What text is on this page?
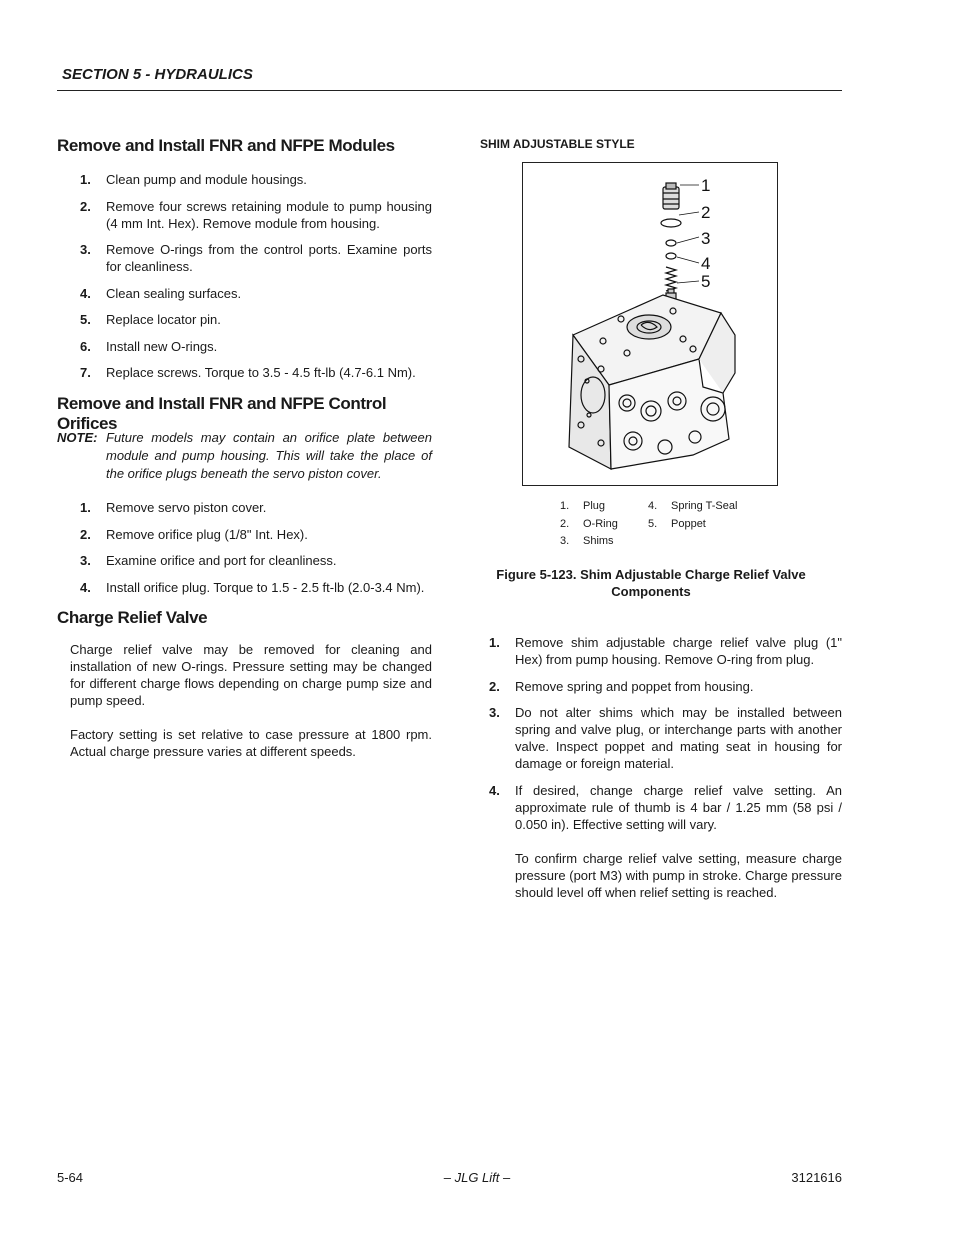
SECTION 5 - HYDRAULICS
Remove and Install FNR and NFPE Modules
1. Clean pump and module housings.
2. Remove four screws retaining module to pump housing (4 mm Int. Hex). Remove module from housing.
3. Remove O-rings from the control ports. Examine ports for cleanliness.
4. Clean sealing surfaces.
5. Replace locator pin.
6. Install new O-rings.
7. Replace screws. Torque to 3.5 - 4.5 ft-lb (4.7-6.1 Nm).
Remove and Install FNR and NFPE Control Orifices
NOTE: Future models may contain an orifice plate between module and pump housing. This will take the place of the orifice plugs beneath the servo piston cover.
1. Remove servo piston cover.
2. Remove orifice plug (1/8" Int. Hex).
3. Examine orifice and port for cleanliness.
4. Install orifice plug. Torque to 1.5 - 2.5 ft-lb (2.0-3.4 Nm).
Charge Relief Valve

Charge relief valve may be removed for cleaning and installation of new O-rings. Pressure setting may be changed for different charge flows depending on charge pump size and pump speed.

Factory setting is set relative to case pressure at 1800 rpm. Actual charge pressure varies at different speeds.

SHIM ADJUSTABLE STYLE
1
2
3
4
5
1. Plug
2. O-Ring
3. Shims
4. Spring T-Seal
5. Poppet
Figure 5-123. Shim Adjustable Charge Relief Valve
Components
1. Remove shim adjustable charge relief valve plug (1" Hex) from pump housing. Remove O-ring from plug.
2. Remove spring and poppet from housing.
3. Do not alter shims which may be installed between spring and valve plug, or interchange parts with another valve. Inspect poppet and mating seat in housing for damage or foreign material.
4. If desired, change charge relief valve setting. An approximate rule of thumb is 4 bar / 1.25 mm (58 psi / 0.050 in). Effective setting will vary.

To confirm charge relief valve setting, measure charge pressure (port M3) with pump in stroke. Charge pressure should level off when relief setting is reached.

5-64	– JLG Lift –	3121616
